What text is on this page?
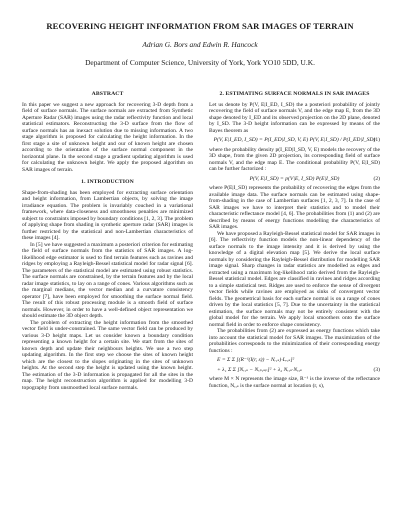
RECOVERING HEIGHT INFORMATION FROM SAR IMAGES OF TERRAIN
Adrian G. Bors and Edwin R. Hancock
Department of Computer Science, University of York, York YO10 5DD, U.K.
ABSTRACT

In this paper we suggest a new approach for recovering 3-D depth from a field of surface normals. The surface normals are extracted from Synthetic Aperture Radar (SAR) images using the radar reflectivity function and local statistical estimators. Reconstructing the 3-D surface from the flow of surface normals has an inexact solution due to missing information. A two stage algorithm is proposed for calculating the height information. In the first stage a site of unknown height and our of known height are chosen according to the orientation of the surface normal component in the horizontal plane. In the second stage a gradient updating algorithm is used for calculating the unknown height. We apply the proposed algorithm on SAR images of terrain.

1. INTRODUCTION

Shape-from-shading has been employed for extracting surface orientation and height information, from Lambertian objects, by solving the image irradiance equation. The problem is invariably couched in a variational framework, where data-closeness and smoothness penalties are minimized subject to constraints imposed by boundary conditions [1, 2, 3]. The problem of applying shape from shading in synthetic aperture radar (SAR) images is further restricted by the statistical and non-Lambertian characteristics of these images [4].

In [5] we have suggested a maximum a posteriori criterion for estimating the field of surface normals from the statistics of SAR images. A log-likelihood edge estimator is used to find terrain features such as ravines and ridges by employing a Rayleigh-Bessel statistical model for radar signal [6]. The parameters of the statistical model are estimated using robust statistics. The surface normals are constrained, by the terrain features and by the local radar image statistics, to lay on a range of cones. Various algorithms such as the marginal medians, the vector median and a curvature consistency operator [7], have been employed for smoothing the surface normal field. The result of this robust processing module is a smooth field of surface normals. However, in order to have a well-defined object representation we should estimate the 3D object depth.

The problem of extracting the height information from the smoothed vector field is under-constrained. The same vector field can be produced by various 3-D height maps. Let us consider known a boundary condition representing a known height for a certain site. We start from the sites of known depth and update their neighbours heights. We use a two step updating algorithm. In the first step we choose the sites of known height which are the closest to the slopes originating in the sites of unknown heights. At the second step the height is updated using the known height. The estimation of the 3-D information is propagated for all the sites in the map. The height reconstruction algorithm is applied for modelling 3-D topography from unsmoothed local surface normals.

2. ESTIMATING SURFACE NORMALS IN SAR IMAGES

Let us denote by P(V, E|I_ED, I_SD) the a posteriori probability of jointly recovering the field of surface normals V, and the edge map E, from the 3D shape denoted by I_ED and its observed projection on the 2D plane, denoted by I_SD. The 3-D height information can be expressed by means of the Bayes theorem as

P(V, E|I_ED, I_SD) = P(I_ED|I_SD, V, E) P(V, E|I_SD) / P(I_ED|I_SD)
(1)

where the probability density p(I_ED|I_SD, V, E) models the recovery of the 3D shape, from the given 2D projection, its corresponding field of surface normals V, and the edge map E. The conditional probability P(V, E|I_SD) can be further factorized :

P(V, E|I_SD) = p(V|E, I_SD) P(E|I_SD)	(2)

where P(E|I_SD) represents the probability of recovering the edges from the available image data. The surface normals can be estimated using shape-from-shading in the case of Lambertian surfaces [1, 2, 3, 7]. In the case of SAR images we have to interpret their statistics and to model their characteristic reflectance model [4, 6]. The probabilities from (1) and (2) are described by means of energy functions modelling the characteristics of SAR images.

We have proposed a Rayleigh-Bessel statistical model for SAR images in [6]. The reflectivity function models the non-linear dependency of the surface normals to the image intensity and it is derived by using the knowledge of a digital elevation map [5]. We derive the local surface normals by considering the Rayleigh-Bessel distribution for modelling SAR image signal. Sharp changes in radar statistics are modelled as edges and extracted using a maximum log-likelihood ratio derived from the Rayleigh-Bessel statistical model. Edges are classified in ravines and ridges according to a simple statistical test. Ridges are used to enforce the sense of divergent vector fields while ravines are employed as sinks of convergent vector fields. The geometrical basis for each surface normal is on a range of cones driven by the local statistics [5, 7]. Due to the uncertainty in the statistical estimation, the surface normals may not be entirely consistent with the global model for the terrain. We apply local smoothers onto the surface normal field in order to enforce shape consistency.

The probabilities from (2) are expressed as energy functions which take into account the statistical model for SAR images. The maximization of the probabilities corresponds to the minimization of their corresponding energy functions :

E = Σ Σ [(R⁻¹(I(r, s)) − Nᵣ,ₛ)·Lᵣ,ₛ]²
+ λ₁ Σ Σ [Nᵣ,ₛ − Nᵣₚ,ₛₚ]² + λ₂ Nᵣ,ₛ·Nₑ,ₛ	(3)

where M × N represents the image size, R⁻¹ is the inverse of the reflectance function, Nᵣ,ₛ is the surface normal at location (r, s),
